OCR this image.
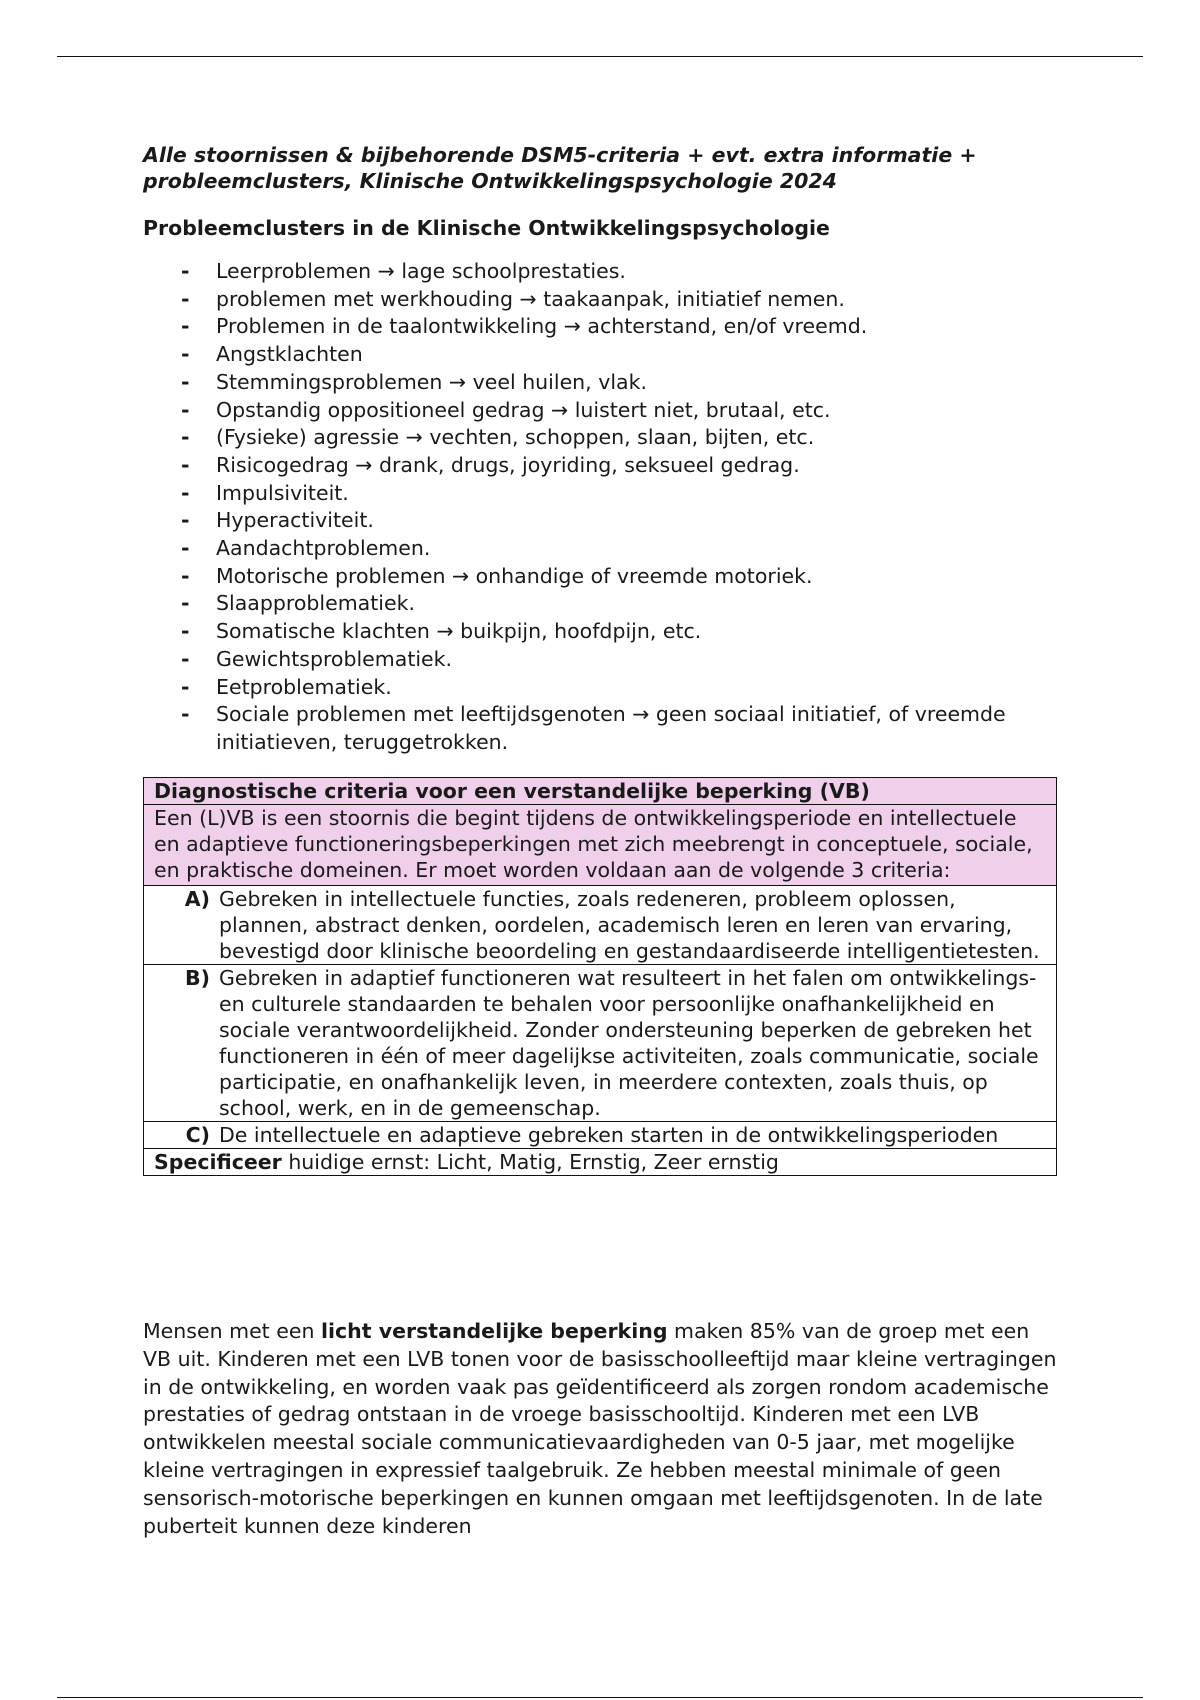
Alle stoornissen & bijbehorende DSM5-criteria + evt. extra informatie + probleemclusters, Klinische Ontwikkelingspsychologie 2024
Probleemclusters in de Klinische Ontwikkelingspsychologie
- Leerproblemen → lage schoolprestaties.
- problemen met werkhouding → taakaanpak, initiatief nemen.
- Problemen in de taalontwikkeling → achterstand, en/of vreemd.
- Angstklachten
- Stemmingsproblemen → veel huilen, vlak.
- Opstandig oppositioneel gedrag → luistert niet, brutaal, etc.
- (Fysieke) agressie → vechten, schoppen, slaan, bijten, etc.
- Risicogedrag → drank, drugs, joyriding, seksueel gedrag.
- Impulsiviteit.
- Hyperactiviteit.
- Aandachtproblemen.
- Motorische problemen → onhandige of vreemde motoriek.
- Slaapproblematiek.
- Somatische klachten → buikpijn, hoofdpijn, etc.
- Gewichtsproblematiek.
- Eetproblematiek.
- Sociale problemen met leeftijdsgenoten → geen sociaal initiatief, of vreemde initiatieven, teruggetrokken.
Diagnostische criteria voor een verstandelijke beperking (VB)
Een (L)VB is een stoornis die begint tijdens de ontwikkelingsperiode en intellectuele en adaptieve functioneringsbeperkingen met zich meebrengt in conceptuele, sociale, en praktische domeinen. Er moet worden voldaan aan de volgende 3 criteria:
A) Gebreken in intellectuele functies, zoals redeneren, probleem oplossen, plannen, abstract denken, oordelen, academisch leren en leren van ervaring, bevestigd door klinische beoordeling en gestandaardiseerde intelligentietesten.
B) Gebreken in adaptief functioneren wat resulteert in het falen om ontwikkelings- en culturele standaarden te behalen voor persoonlijke onafhankelijkheid en sociale verantwoordelijkheid. Zonder ondersteuning beperken de gebreken het functioneren in één of meer dagelijkse activiteiten, zoals communicatie, sociale participatie, en onafhankelijk leven, in meerdere contexten, zoals thuis, op school, werk, en in de gemeenschap.
C) De intellectuele en adaptieve gebreken starten in de ontwikkelingsperioden
Specificeer huidige ernst: Licht, Matig, Ernstig, Zeer ernstig

Mensen met een licht verstandelijke beperking maken 85% van de groep met een VB uit. Kinderen met een LVB tonen voor de basisschoolleeftijd maar kleine vertragingen in de ontwikkeling, en worden vaak pas geïdentificeerd als zorgen rondom academische prestaties of gedrag ontstaan in de vroege basisschooltijd. Kinderen met een LVB ontwikkelen meestal sociale communicatievaardigheden van 0-5 jaar, met mogelijke kleine vertragingen in expressief taalgebruik. Ze hebben meestal minimale of geen sensorisch-motorische beperkingen en kunnen omgaan met leeftijdsgenoten. In de late puberteit kunnen deze kinderen
